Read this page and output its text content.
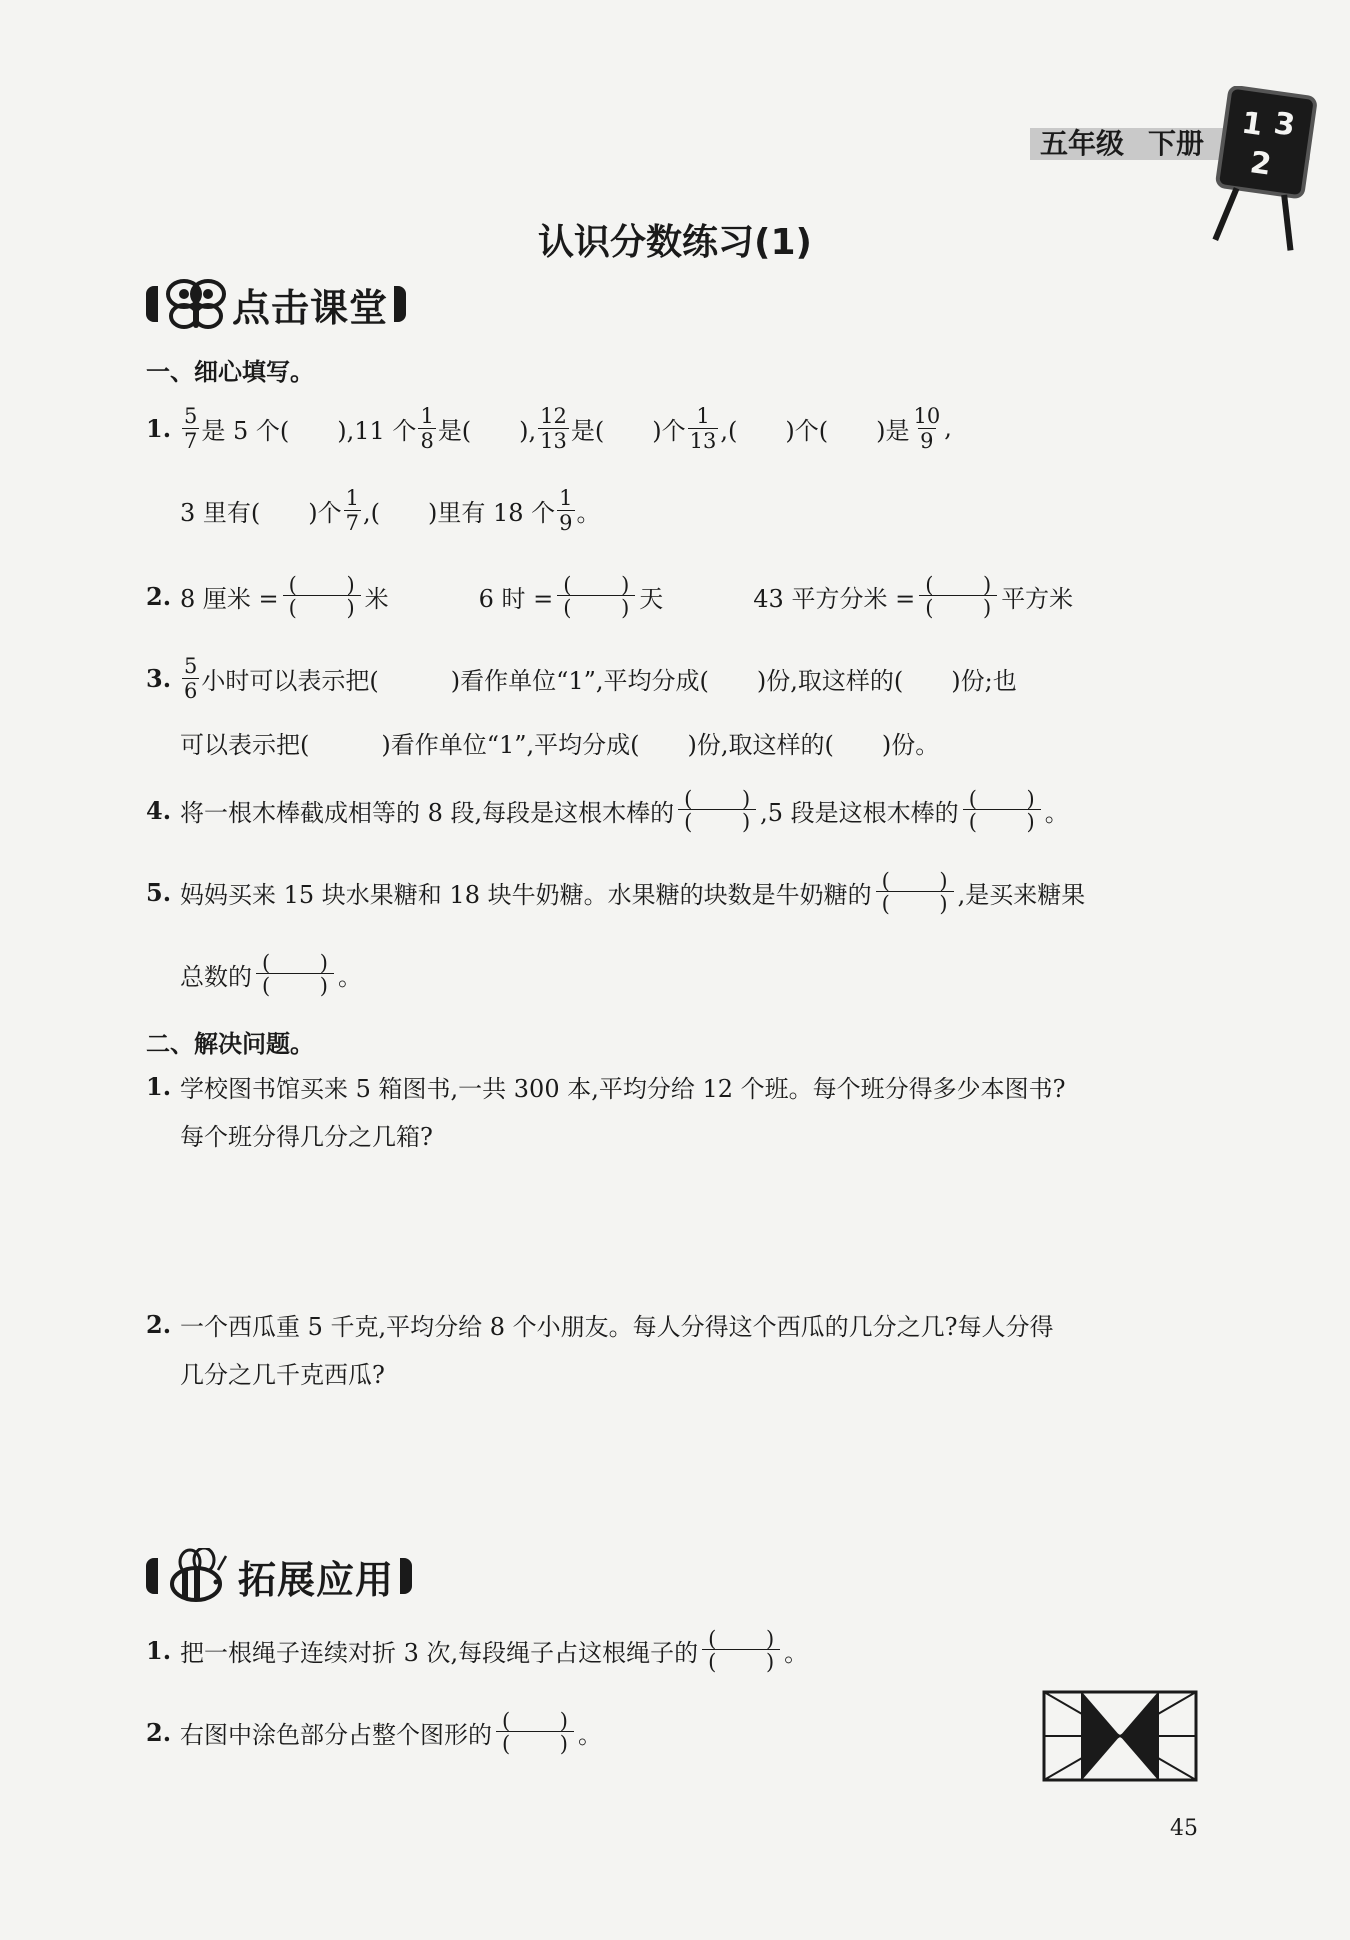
五年级 下册
1 3
2
认识分数练习(1)
点击课堂
一、细心填写。
1. $\frac{5}{7}$ 是 5 个(　　),11 个 $\frac{1}{8}$ 是(　　), $\frac{12}{13}$ 是(　　)个 $\frac{1}{13}$ ,(　　)个(　　)是 $\frac{10}{9}$ ,
3 里有(　　)个 $\frac{1}{7}$ ,(　　)里有 18 个 $\frac{1}{9}$ 。
2. 8 厘米 = ( )
( ) 米	6 时 = ( )
( ) 天	43 平方分米 = ( )
( ) 平方米
3. $\frac{5}{6}$ 小时可以表示把(　　　)看作单位“1”,平均分成(　　)份,取这样的(　　)份;也
可以表示把(　　　)看作单位“1”,平均分成(　　)份,取这样的(　　)份。
4. 将一根木棒截成相等的 8 段,每段是这根木棒的 ( )
( ) ,5 段是这根木棒的 ( )
( ) 。
5. 妈妈买来 15 块水果糖和 18 块牛奶糖。水果糖的块数是牛奶糖的 ( )
( ) ,是买来糖果
总数的 ( )
( ) 。
二、解决问题。
1. 学校图书馆买来 5 箱图书,一共 300 本,平均分给 12 个班。每个班分得多少本图书?
每个班分得几分之几箱?
2. 一个西瓜重 5 千克,平均分给 8 个小朋友。每人分得这个西瓜的几分之几?每人分得
几分之几千克西瓜?
拓展应用
1. 把一根绳子连续对折 3 次,每段绳子占这根绳子的 ( )
( ) 。
2. 右图中涂色部分占整个图形的 ( )
( ) 。
45
